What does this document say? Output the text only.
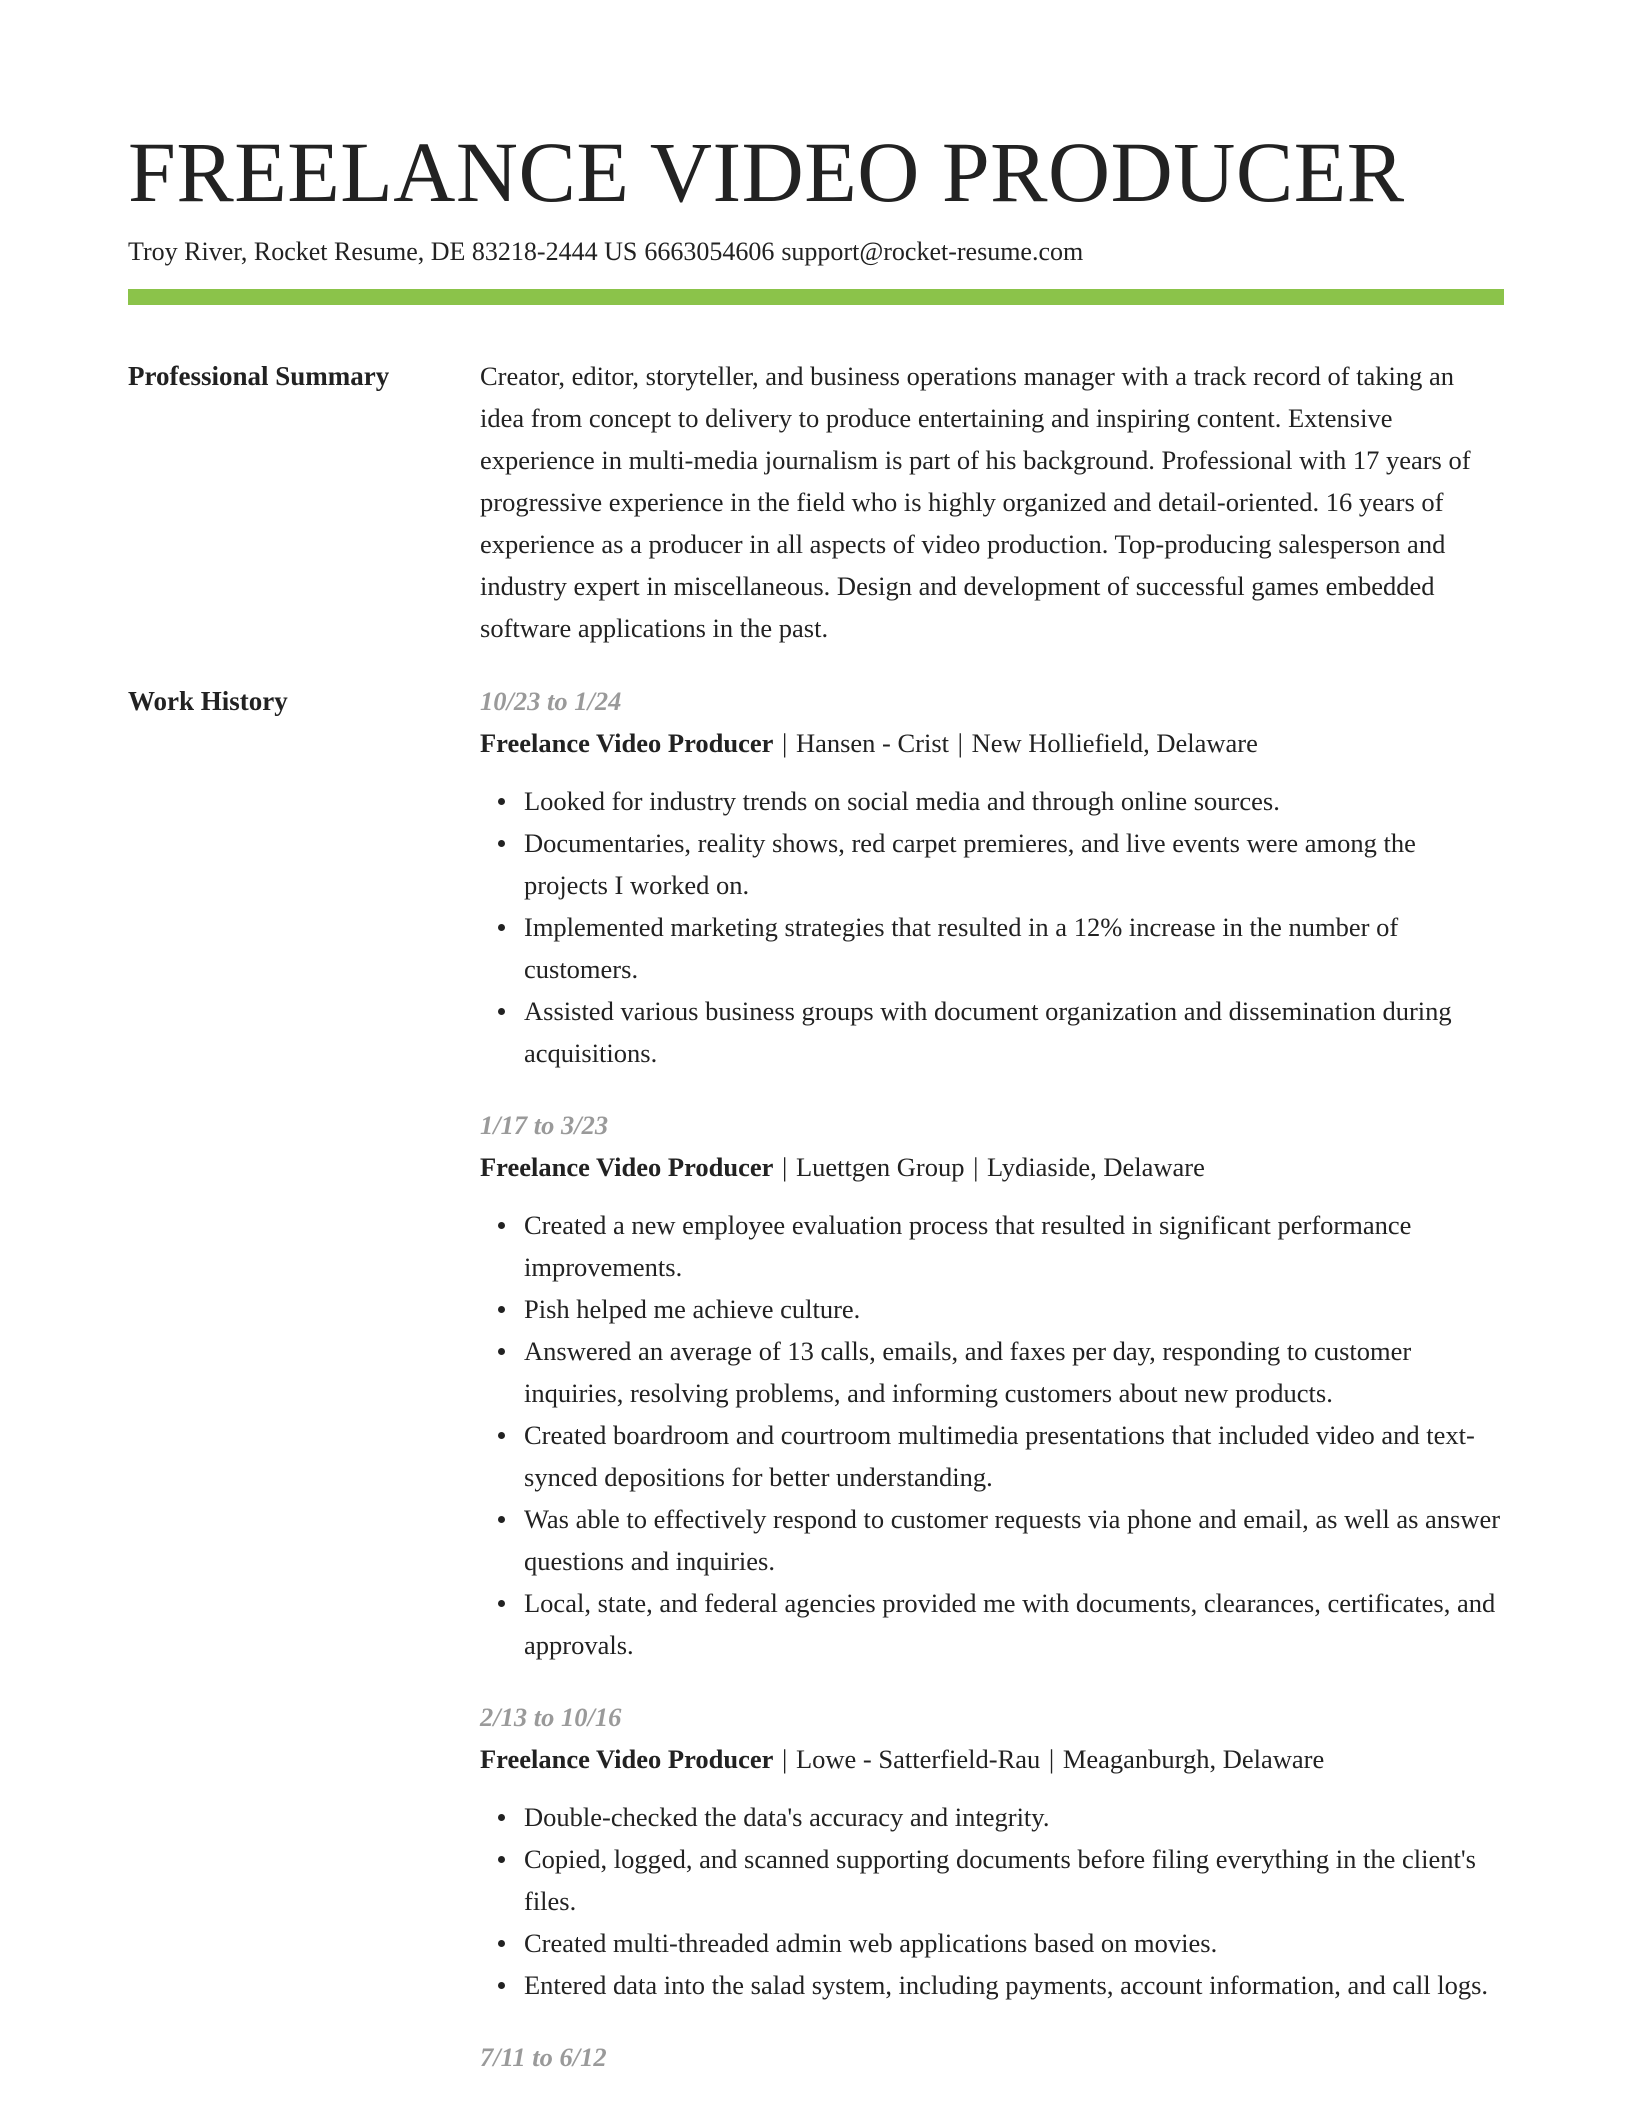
FREELANCE VIDEO PRODUCER
Troy River, Rocket Resume, DE 83218-2444 US 6663054606 support@rocket-resume.com
Professional Summary	Creator, editor, storyteller, and business operations manager with a track record of taking an idea from concept to delivery to produce entertaining and inspiring content. Extensive experience in multi-media journalism is part of his background. Professional with 17 years of progressive experience in the field who is highly organized and detail-oriented. 16 years of experience as a producer in all aspects of video production. Top-producing salesperson and industry expert in miscellaneous. Design and development of successful games embedded software applications in the past.

Work History	10/23 to 1/24
Freelance Video Producer | Hansen - Crist | New Holliefield, Delaware
Looked for industry trends on social media and through online sources.
Documentaries, reality shows, red carpet premieres, and live events were among the projects I worked on.
Implemented marketing strategies that resulted in a 12% increase in the number of customers.
Assisted various business groups with document organization and dissemination during acquisitions.
1/17 to 3/23
Freelance Video Producer | Luettgen Group | Lydiaside, Delaware
Created a new employee evaluation process that resulted in significant performance improvements.
Pish helped me achieve culture.
Answered an average of 13 calls, emails, and faxes per day, responding to customer inquiries, resolving problems, and informing customers about new products.
Created boardroom and courtroom multimedia presentations that included video and text-synced depositions for better understanding.
Was able to effectively respond to customer requests via phone and email, as well as answer questions and inquiries.
Local, state, and federal agencies provided me with documents, clearances, certificates, and approvals.
2/13 to 10/16
Freelance Video Producer | Lowe - Satterfield-Rau | Meaganburgh, Delaware
Double-checked the data's accuracy and integrity.
Copied, logged, and scanned supporting documents before filing everything in the client's files.
Created multi-threaded admin web applications based on movies.
Entered data into the salad system, including payments, account information, and call logs.
7/11 to 6/12
